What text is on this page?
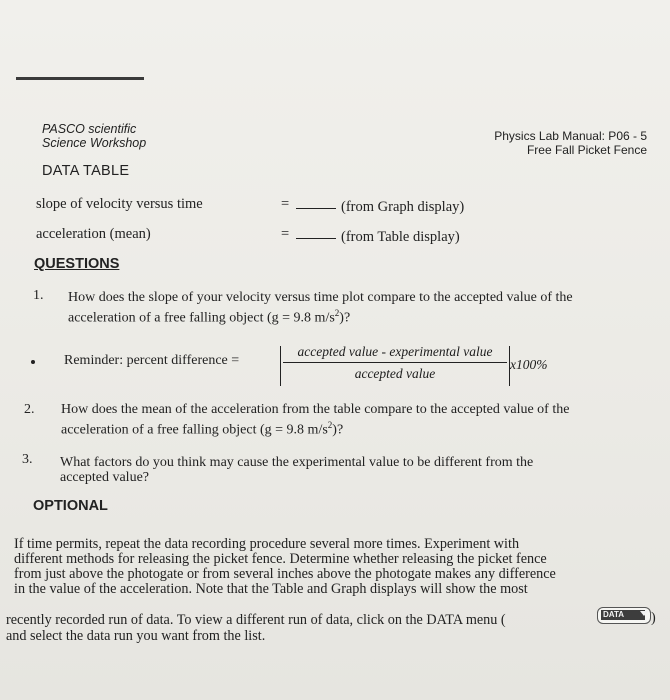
PASCO scientific
Science Workshop	Physics Lab Manual: P06 - 5
Free Fall Picket Fence
DATA TABLE
slope of velocity versus time	=	(from Graph display)
acceleration (mean)	=	(from Table display)
QUESTIONS
1. How does the slope of your velocity versus time plot compare to the accepted value of the
acceleration of a free falling object (g = 9.8 $m/s^2$)?
Reminder: percent difference =
accepted value - experimental value
accepted value
x100%
2. How does the mean of the acceleration from the table compare to the accepted value of the
acceleration of a free falling object (g = 9.8 $m/s^2$)?
3. What factors do you think may cause the experimental value to be different from the
accepted value?
OPTIONAL
If time permits, repeat the data recording procedure several more times. Experiment with
different methods for releasing the picket fence. Determine whether releasing the picket fence
from just above the photogate or from several inches above the photogate makes any difference
in the value of the acceleration. Note that the Table and Graph displays will show the most
recently recorded run of data. To view a different run of data, click on the DATA menu (	DATA	)
and select the data run you want from the list.
